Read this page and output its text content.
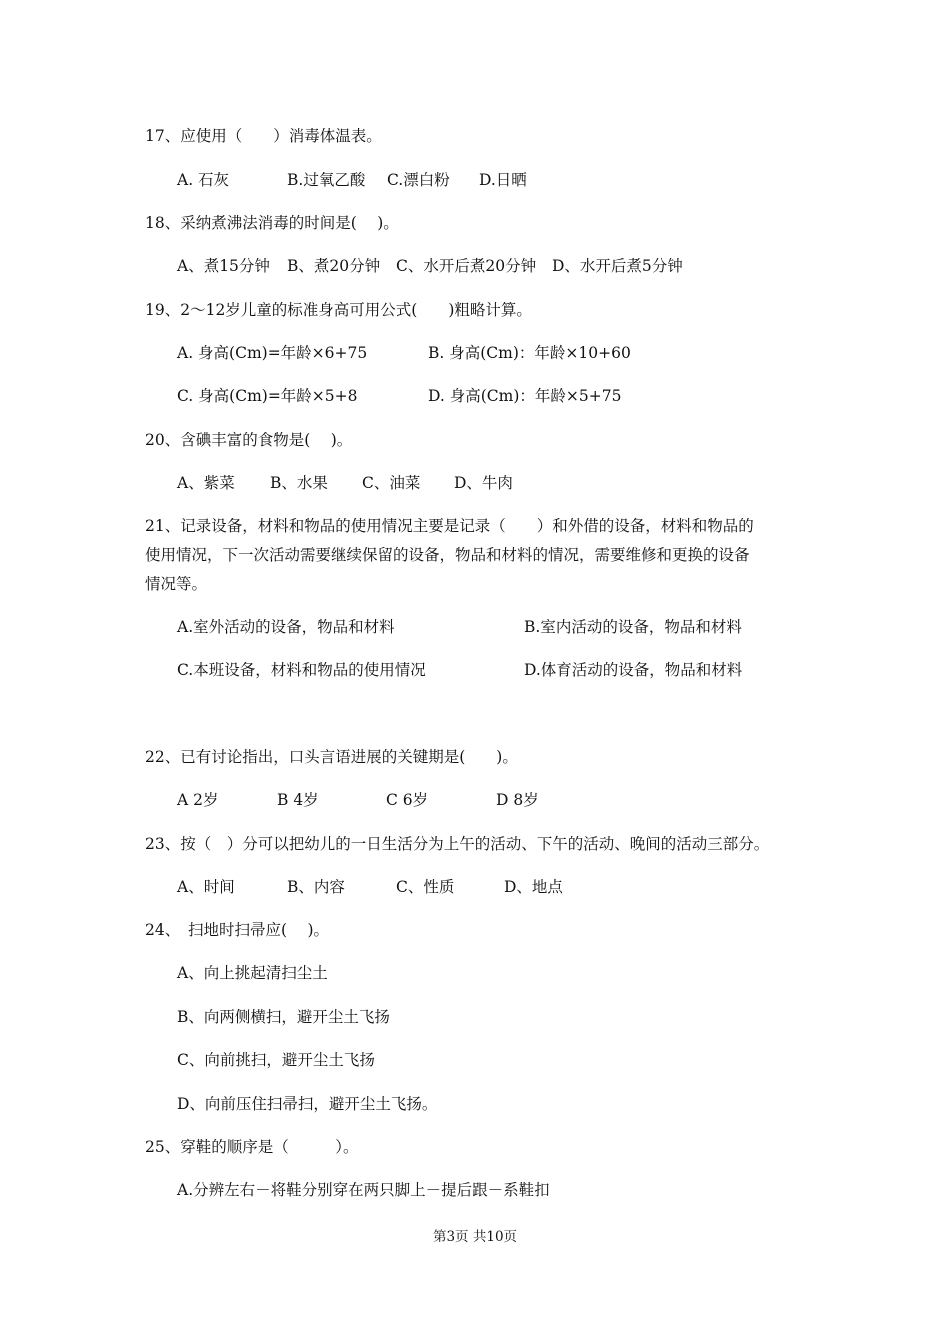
17、应使用（　　）消毒体温表。
A. 石灰	B.过氧乙酸 C.漂白粉 D.日晒
18、采纳煮沸法消毒的时间是(　 )。
A、煮15分钟 B、煮20分钟 C、水开后煮20分钟 D、水开后煮5分钟
19、2～12岁儿童的标准身高可用公式(　　)粗略计算。
A. 身高(Cm)=年龄×6+75	B. 身高(Cm)：年龄×10+60
C. 身高(Cm)=年龄×5+8	D. 身高(Cm)：年龄×5+75
20、含碘丰富的食物是(　 )。
A、紫菜 B、水果 C、油菜 D、牛肉
21、记录设备，材料和物品的使用情况主要是记录（　　）和外借的设备，材料和物品的
使用情况，下一次活动需要继续保留的设备，物品和材料的情况，需要维修和更换的设备
情况等。
A.室外活动的设备，物品和材料	B.室内活动的设备，物品和材料
C.本班设备，材料和物品的使用情况	D.体育活动的设备，物品和材料
22、已有讨论指出，口头言语进展的关键期是(　　)。
A 2岁	B 4岁	C 6岁	D 8岁
23、按（　）分可以把幼儿的一日生活分为上午的活动、下午的活动、晚间的活动三部分。
A、时间	B、内容	C、性质	D、地点
24、　扫地时扫帚应(　 )。
A、向上挑起清扫尘土
B、向两侧横扫，避开尘土飞扬
C、向前挑扫，避开尘土飞扬
D、向前压住扫帚扫，避开尘土飞扬。
25、穿鞋的顺序是（　　　）。
A.分辨左右－将鞋分别穿在两只脚上－提后跟－系鞋扣
第3页 共10页
